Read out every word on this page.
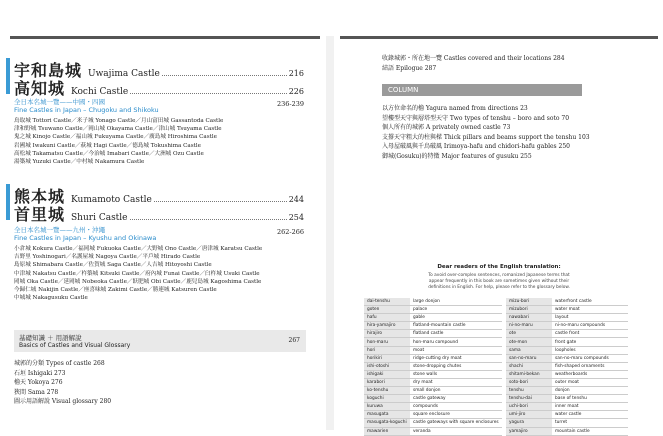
宇和島城 Uwajima Castle	216
高知城 Kochi Castle	226
全日本名城一覽——中國・四國
Fine Castles in Japan – Chugoku and Shikoku
236-239
鳥取城 Tottori Castle／米子城 Yonago Castle／月山富田城 Gassantoda Castle
津和野城 Tsuwano Castle／岡山城 Okayama Castle／津山城 Tsuyama Castle
鬼之城 Kinojo Castle／福山城 Fukuyama Castle／廣島城 Hiroshima Castle
岩國城 Iwakuni Castle／萩城 Hagi Castle／德島城 Tokushima Castle
高松城 Takamatsu Castle／今治城 Imabari Castle／大洲城 Ozu Castle
湯築城 Yuzuki Castle／中村城 Nakamura Castle
熊本城 Kumamoto Castle	244
首里城 Shuri Castle	254
全日本名城一覽——九州・沖繩
Fine Castles in Japan – Kyushu and Okinawa
262-266
小倉城 Kokura Castle／福岡城 Fukuoka Castle／大野城 Ono Castle／唐津城 Karatsu Castle
吉野里 Yoshinogari／名護屋城 Nagoya Castle／平戶城 Hirado Castle
島原城 Shimabara Castle／佐賀城 Saga Castle／人吉城 Hitoyoshi Castle
中津城 Nakatsu Castle／杵築城 Kitsuki Castle／府內城 Funai Castle／臼杵城 Usuki Castle
岡城 Oka Castle／延岡城 Nobeoka Castle／飫肥城 Obi Castle／鹿兒島城 Kagoshima Castle
今歸仁城 Nakijin Castle／座喜味城 Zakimi Castle／勝連城 Katsuren Castle
中城城 Nakagusuku Castle
基礎知識 ＋ 用語解說
Basics of Castles and Visual Glossary
267
城郭的分類 Types of castle 268
石垣 Ishigaki 273
櫓天 Yokoya 276
狹間 Sama 278
圖示用語解說 Visual glossary 280
收錄城郭・所在地一覽 Castles covered and their locations 284
結語 Epilogue 287
COLUMN
以方位命名的櫓 Yagura named from directions 23
望樓型天守與層塔型天守 Two types of tenshu – boro and soto 70
個人所有的城郭 A privately owned castle 73
支撐天守粗大的柱與樑 Thick pillars and beams support the tenshu 103
入母屋破風與千鳥破風 Irimoya-hafu and chidori-hafu gables 250
御城(Gosuku)的特徵 Major features of gusuku 255
Dear readers of the English translation:
To avoid over-complex sentences, romanized Japanese terms that
appear frequently in this book are sometimes given without their
definitions in English. For help, please refer to the glossary below.
dai-tenshu	large donjon
goten	palace
hafu	gable
hira-yamajiro	flatland-mountain castle
hirajiro	flatland castle
hon-maru	hon-maru compound
hori	moat
horikiri	ridge-cutting dry moat
ishi-otoshi	stone-dropping chutes
ishigaki	stone walls
karabori	dry moat
ko-tenshu	small donjon
koguchi	castle gateway
kuruwa	compounds
masugata	square enclosure
masugata-koguchi	castle gateways with square enclosures
mawarien	veranda
mizu-bori	waterfront castle
mizubori	water moat
nawabari	layout
ni-no-maru	ni-no-maru compounds
ote	castle front
ote-mon	front gate
sama	loopholes
san-no-maru	san-no-maru compounds
shachi	fish-shaped ornaments
shitami-bekan	weatherboards
soto-bori	outer moat
tenshu	donjon
tenshu-dai	base of tenshu
uchi-bori	inner moat
umi-jiro	water castle
yagura	turret
yamajiro	mountain castle
